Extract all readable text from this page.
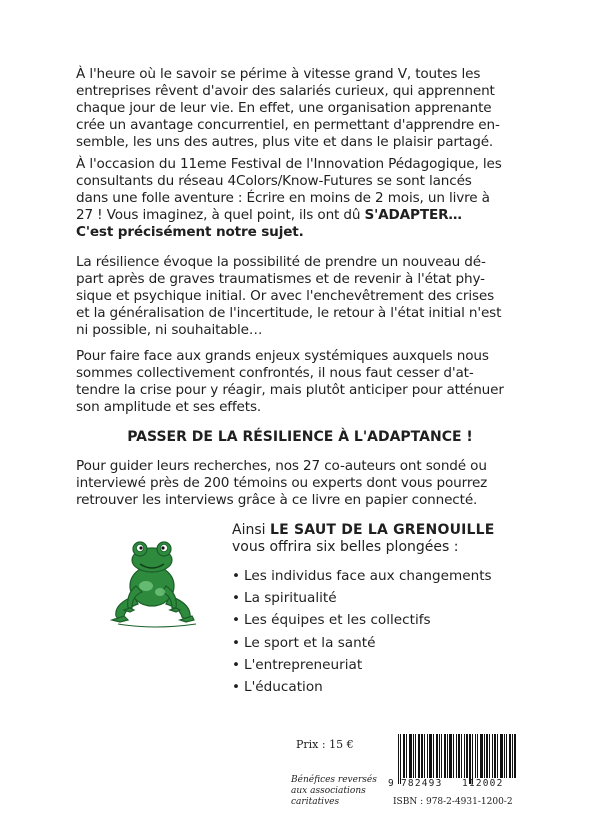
À l'heure où le savoir se périme à vitesse grand V, toutes les
entreprises rêvent d'avoir des salariés curieux, qui apprennent
chaque jour de leur vie. En effet, une organisation apprenante
crée un avantage concurrentiel, en permettant d'apprendre en-
semble, les uns des autres, plus vite et dans le plaisir partagé.
À l'occasion du 11eme Festival de l'Innovation Pédagogique, les
consultants du réseau 4Colors/Know-Futures se sont lancés
dans une folle aventure : Écrire en moins de 2 mois, un livre à
27 ! Vous imaginez, à quel point, ils ont dû S'ADAPTER…
C'est précisément notre sujet.
La résilience évoque la possibilité de prendre un nouveau dé-
part après de graves traumatismes et de revenir à l'état phy-
sique et psychique initial. Or avec l'enchevêtrement des crises
et la généralisation de l'incertitude, le retour à l'état initial n'est
ni possible, ni souhaitable…
Pour faire face aux grands enjeux systémiques auxquels nous
sommes collectivement confrontés, il nous faut cesser d'at-
tendre la crise pour y réagir, mais plutôt anticiper pour atténuer
son amplitude et ses effets.
PASSER DE LA RÉSILIENCE À L'ADAPTANCE !
Pour guider leurs recherches, nos 27 co-auteurs ont sondé ou
interviewé près de 200 témoins ou experts dont vous pourrez
retrouver les interviews grâce à ce livre en papier connecté.
Ainsi LE SAUT DE LA GRENOUILLE
vous offrira six belles plongées :
• Les individus face aux changements
• La spiritualité
• Les équipes et les collectifs
• Le sport et la santé
• L'entrepreneuriat
• L'éducation
Prix : 15 €
Bénéfices reversés
aux associations
caritatives
9 782493 112002
ISBN : 978-2-4931-1200-2
